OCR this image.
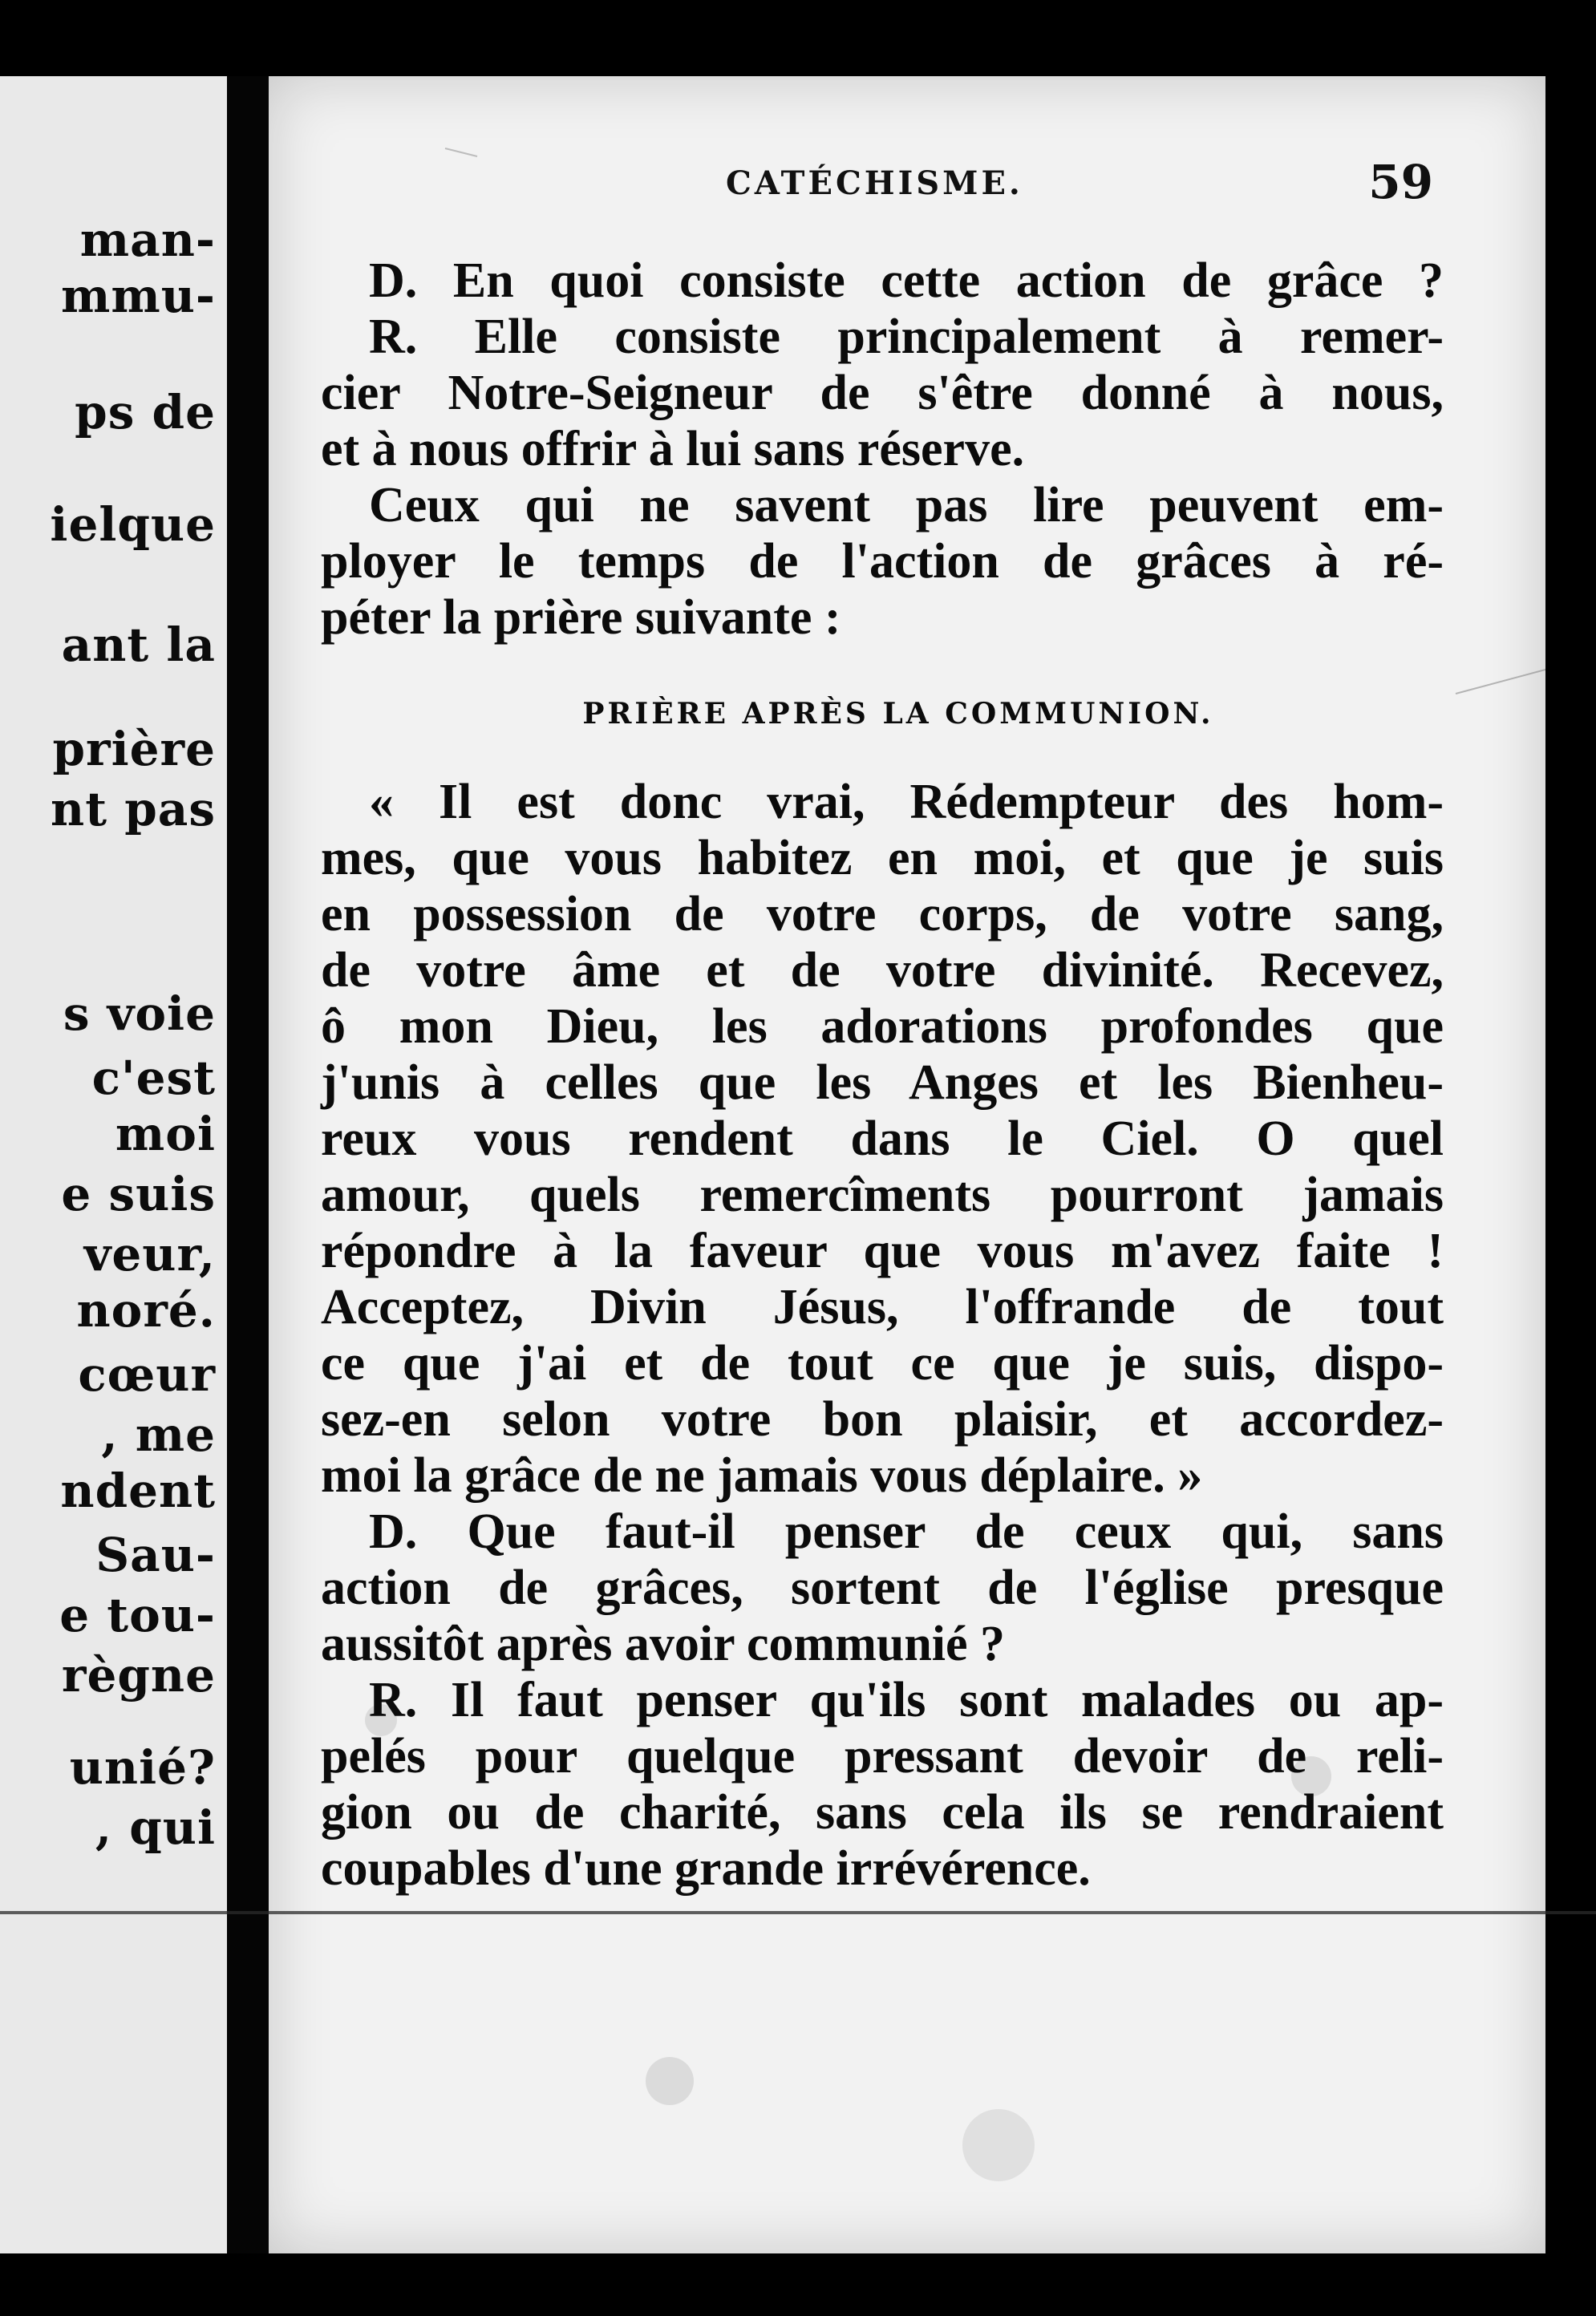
man-
mmu-
ps de
ielque
ant la
prière
nt pas
s voie
c'est
moi
e suis
veur,
noré.
cœur
, me
ndent
Sau-
e tou-
règne
unié?
, qui
CATÉCHISME.	59
D. En quoi consiste cette action de grâce ?
R. Elle consiste principalement à remer-
cier Notre-Seigneur de s'être donné à nous,
et à nous offrir à lui sans réserve.
Ceux qui ne savent pas lire peuvent em-
ployer le temps de l'action de grâces à ré-
péter la prière suivante :
PRIÈRE APRÈS LA COMMUNION.
« Il est donc vrai, Rédempteur des hom-
mes, que vous habitez en moi, et que je suis
en possession de votre corps, de votre sang,
de votre âme et de votre divinité. Recevez,
ô mon Dieu, les adorations profondes que
j'unis à celles que les Anges et les Bienheu-
reux vous rendent dans le Ciel. O quel
amour, quels remercîments pourront jamais
répondre à la faveur que vous m'avez faite !
Acceptez, Divin Jésus, l'offrande de tout
ce que j'ai et de tout ce que je suis, dispo-
sez-en selon votre bon plaisir, et accordez-
moi la grâce de ne jamais vous déplaire. »
D. Que faut-il penser de ceux qui, sans
action de grâces, sortent de l'église presque
aussitôt après avoir communié ?
R. Il faut penser qu'ils sont malades ou ap-
pelés pour quelque pressant devoir de reli-
gion ou de charité, sans cela ils se rendraient
coupables d'une grande irrévérence.
